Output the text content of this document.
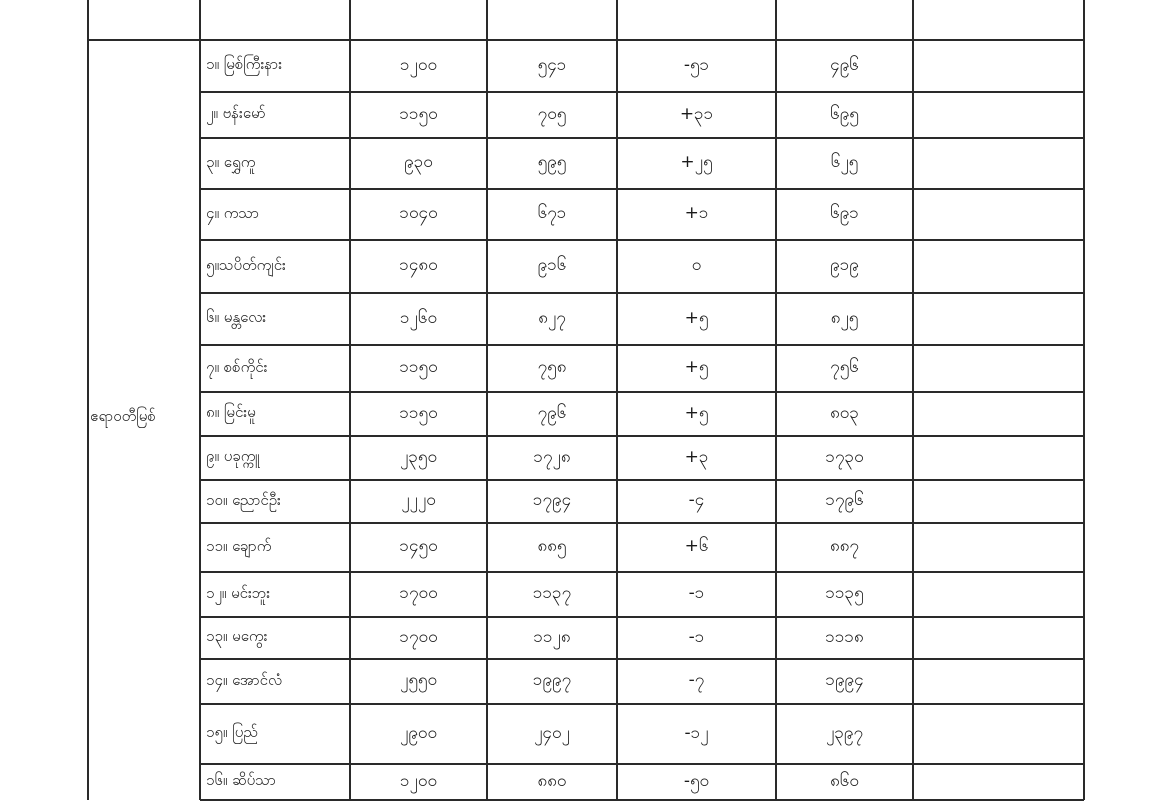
ဧရာဝတီမြစ်
၁။ မြစ်ကြီးနား	၁၂၀၀	၅၄၁	-၅၁	၄၉၆
၂။ ဗန်းမော်	၁၁၅၀	၇၀၅	+၃၁	၆၉၅
၃။ ရွှေကူ	၉၃၀	၅၉၅	+၂၅	၆၂၅
၄။ ကသာ	၁၀၄၀	၆၇၁	+၁	၆၉၁
၅။သပိတ်ကျင်း	၁၄၈၀	၉၁၆	၀	၉၁၉
၆။ မန္တလေး	၁၂၆၀	၈၂၇	+၅	၈၂၅
၇။ စစ်ကိုင်း	၁၁၅၀	၇၅၈	+၅	၇၅၆
၈။ မြင်းမူ	၁၁၅၀	၇၉၆	+၅	၈၀၃
၉။ ပခုက္ကူ	၂၃၅၀	၁၇၂၈	+၃	၁၇၃၀
၁၀။ ညောင်ဦး	၂၂၂၀	၁၇၉၄	-၄	၁၇၉၆
၁၁။ ချောက်	၁၄၅၀	၈၈၅	+၆	၈၈၇
၁၂။ မင်းဘူး	၁၇၀၀	၁၁၃၇	-၁	၁၁၃၅
၁၃။ မကွေး	၁၇၀၀	၁၁၂၈	-၁	၁၁၁၈
၁၄။ အောင်လံ	၂၅၅၀	၁၉၉၇	-၇	၁၉၉၄
၁၅။ ပြည်	၂၉၀၀	၂၄၀၂	-၁၂	၂၃၉၇
၁၆။ ဆိပ်သာ	၁၂၀၀	၈၈၀	-၅၀	၈၆၀
